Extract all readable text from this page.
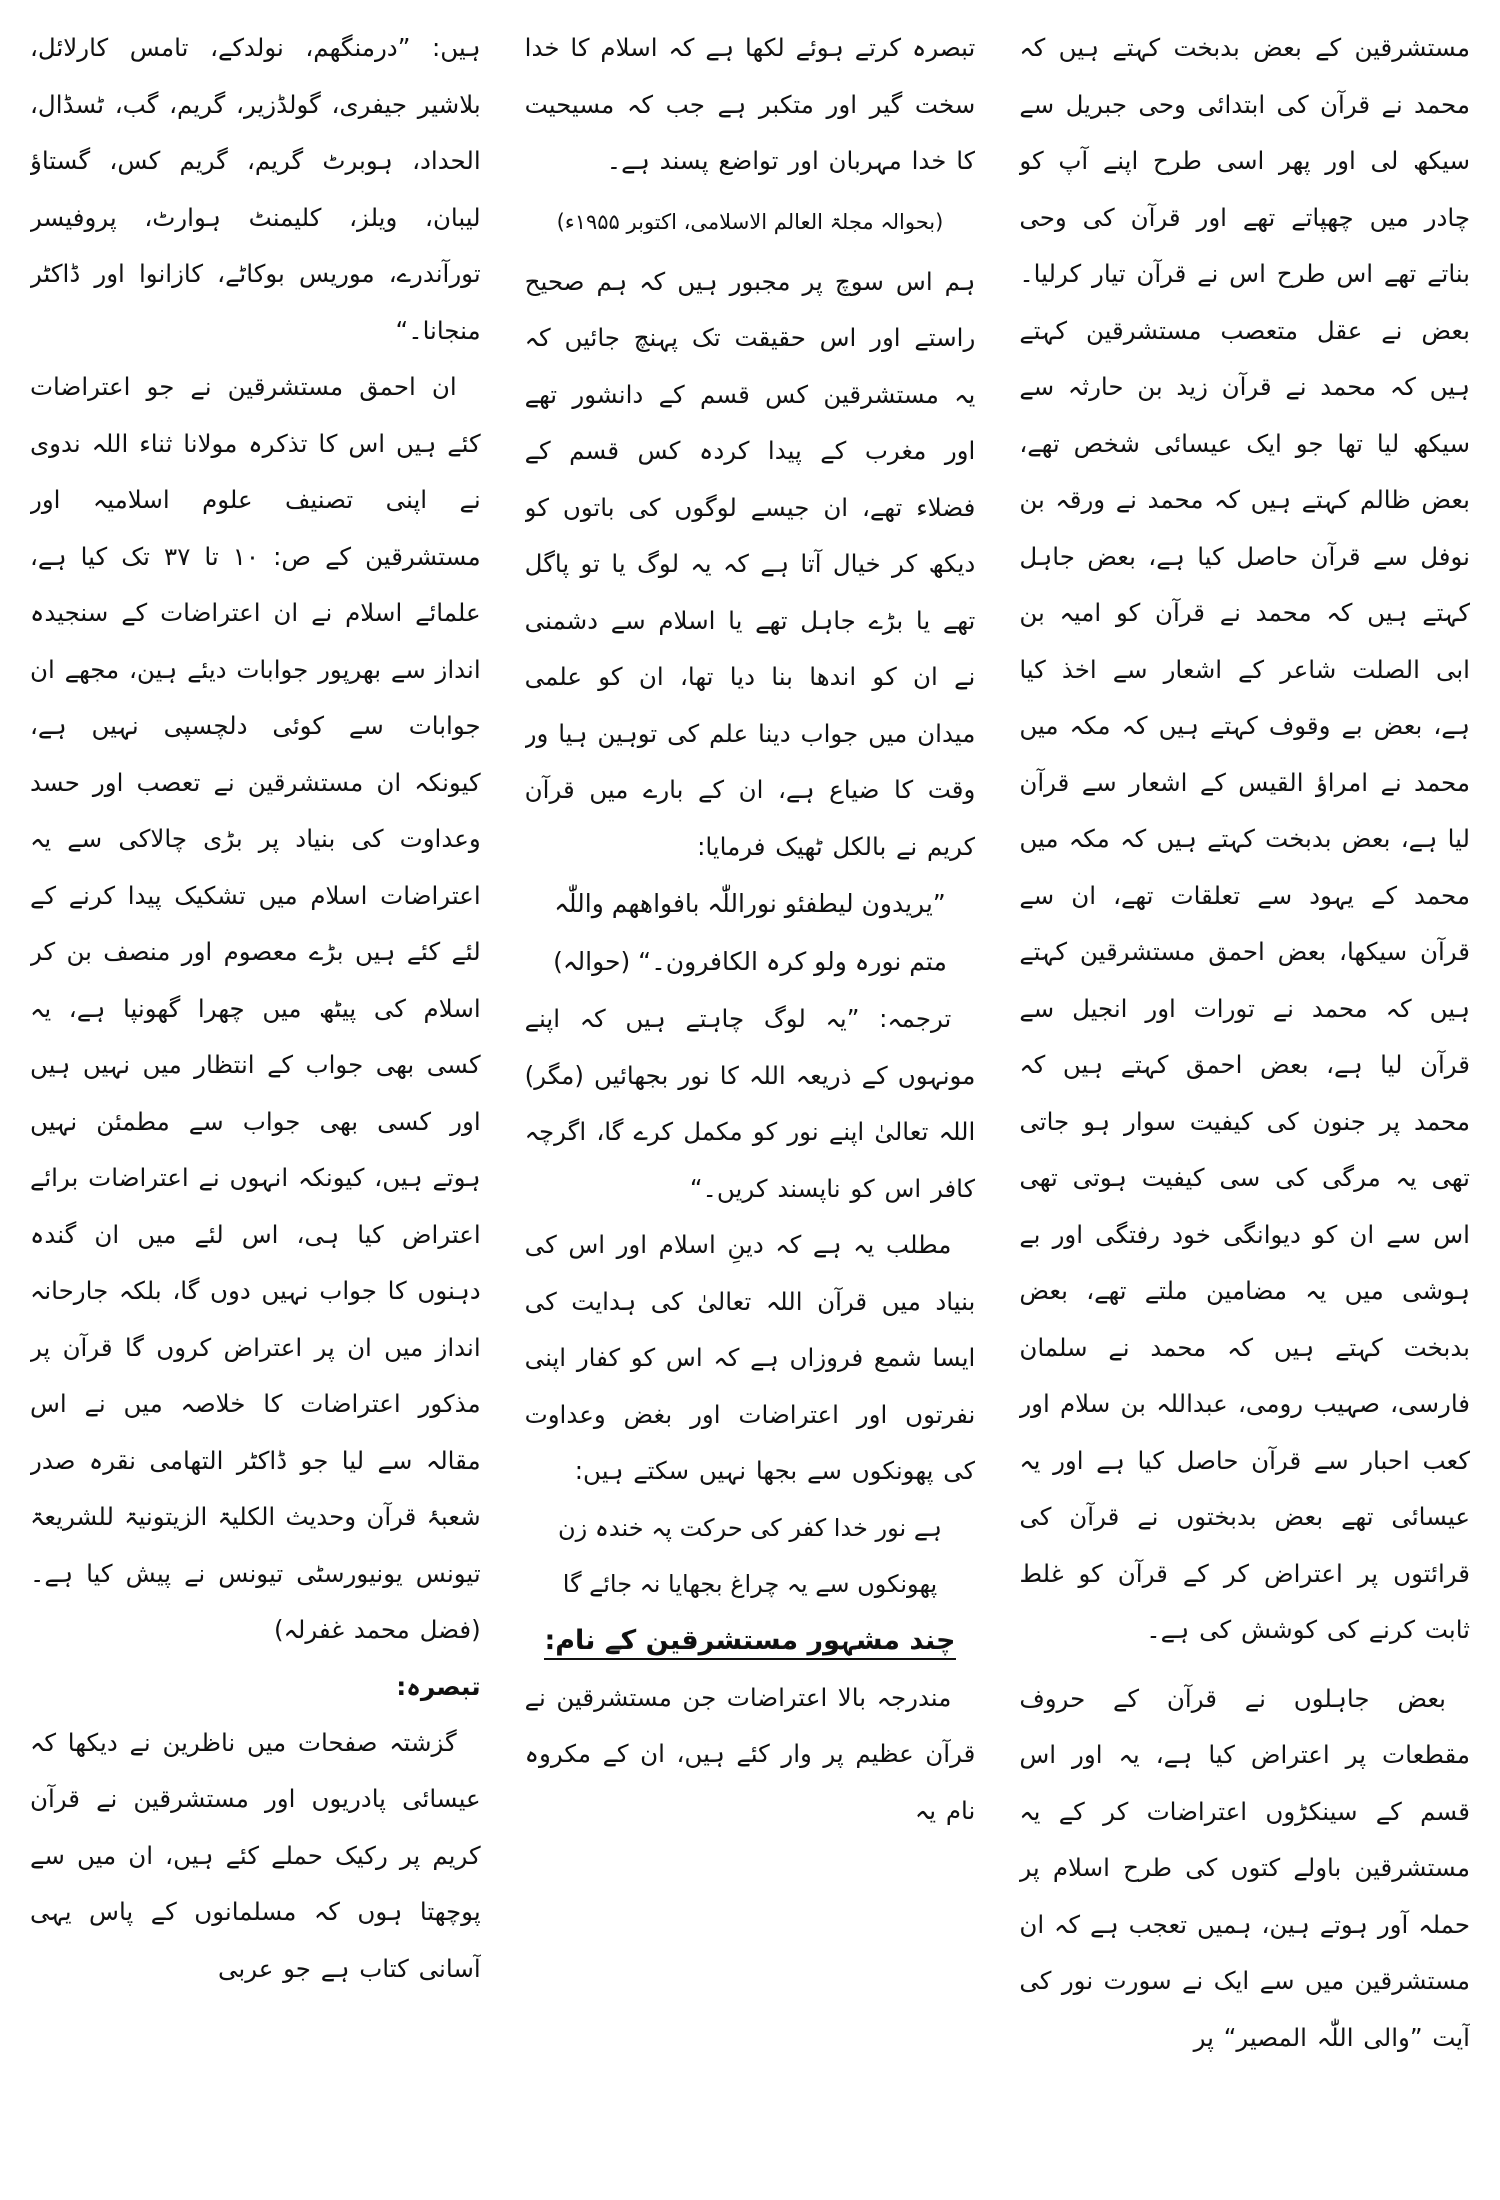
مستشرقین کے بعض بدبخت کہتے ہیں کہ محمد نے قرآن کی ابتدائی وحی جبریل سے سیکھ لی اور پھر اسی طرح اپنے آپ کو چادر میں چھپاتے تھے اور قرآن کی وحی بناتے تھے اس طرح اس نے قرآن تیار کرلیا۔ بعض نے عقل متعصب مستشرقین کہتے ہیں کہ محمد نے قرآن زید بن حارثہ سے سیکھ لیا تھا جو ایک عیسائی شخص تھے، بعض ظالم کہتے ہیں کہ محمد نے ورقہ بن نوفل سے قرآن حاصل کیا ہے، بعض جاہل کہتے ہیں کہ محمد نے قرآن کو امیہ بن ابی الصلت شاعر کے اشعار سے اخذ کیا ہے، بعض بے وقوف کہتے ہیں کہ مکہ میں محمد نے امراؤ القیس کے اشعار سے قرآن لیا ہے، بعض بدبخت کہتے ہیں کہ مکہ میں محمد کے یہود سے تعلقات تھے، ان سے قرآن سیکھا، بعض احمق مستشرقین کہتے ہیں کہ محمد نے تورات اور انجیل سے قرآن لیا ہے، بعض احمق کہتے ہیں کہ محمد پر جنون کی کیفیت سوار ہو جاتی تھی یہ مرگی کی سی کیفیت ہوتی تھی اس سے ان کو دیوانگی خود رفتگی اور بے ہوشی میں یہ مضامین ملتے تھے، بعض بدبخت کہتے ہیں کہ محمد نے سلمان فارسی، صہیب رومی، عبداللہ بن سلام اور کعب احبار سے قرآن حاصل کیا ہے اور یہ عیسائی تھے بعض بدبختوں نے قرآن کی قرائتوں پر اعتراض کر کے قرآن کو غلط ثابت کرنے کی کوشش کی ہے۔

بعض جاہلوں نے قرآن کے حروف مقطعات پر اعتراض کیا ہے، یہ اور اس قسم کے سینکڑوں اعتراضات کر کے یہ مستشرقین باولے کتوں کی طرح اسلام پر حملہ آور ہوتے ہین، ہمیں تعجب ہے کہ ان مستشرقین میں سے ایک نے سورت نور کی آیت ”والی اللّٰہ المصیر“ پر

تبصرہ کرتے ہوئے لکھا ہے کہ اسلام کا خدا سخت گیر اور متکبر ہے جب کہ مسیحیت کا خدا مہربان اور تواضع پسند ہے۔

(بحوالہ مجلۃ العالم الاسلامی، اکتوبر ۱۹۵۵ء)

ہم اس سوچ پر مجبور ہیں کہ ہم صحیح راستے اور اس حقیقت تک پہنچ جائیں کہ یہ مستشرقین کس قسم کے دانشور تھے اور مغرب کے پیدا کردہ کس قسم کے فضلاء تھے، ان جیسے لوگوں کی باتوں کو دیکھ کر خیال آتا ہے کہ یہ لوگ یا تو پاگل تھے یا بڑے جاہل تھے یا اسلام سے دشمنی نے ان کو اندھا بنا دیا تھا، ان کو علمی میدان میں جواب دینا علم کی توہین ہیا ور وقت کا ضیاع ہے، ان کے بارے میں قرآن کریم نے بالکل ٹھیک فرمایا:

”یریدون لیطفئو نوراللّٰہ بافواھھم واللّٰہ متم نورہ ولو کرہ الکافرون۔“ (حوالہ)

ترجمہ: ”یہ لوگ چاہتے ہیں کہ اپنے مونہوں کے ذریعہ اللہ کا نور بجھائیں (مگر) اللہ تعالیٰ اپنے نور کو مکمل کرے گا، اگرچہ کافر اس کو ناپسند کریں۔“

مطلب یہ ہے کہ دینِ اسلام اور اس کی بنیاد میں قرآن اللہ تعالیٰ کی ہدایت کی ایسا شمع فروزاں ہے کہ اس کو کفار اپنی نفرتوں اور اعتراضات اور بغض وعداوت کی پھونکوں سے بجھا نہیں سکتے ہیں:

ہے نور خدا کفر کی حرکت پہ خندہ زن

پھونکوں سے یہ چراغ بجھایا نہ جائے گا

چند مشہور مستشرقین کے نام:

مندرجہ بالا اعتراضات جن مستشرقین نے قرآن عظیم پر وار کئے ہیں، ان کے مکروہ نام یہ

ہیں: ”درمنگھم، نولدکے، تامس کارلائل، بلاشیر جیفری، گولڈزیر، گریم، گب، ٹسڈال، الحداد، ہوبرٹ گریم، گریم کس، گستاؤ لیبان، ویلز، کلیمنٹ ہوارٹ، پروفیسر تورآندرے، موریس بوکاٹے، کازانوا اور ڈاکٹر منجانا۔“

ان احمق مستشرقین نے جو اعتراضات کئے ہیں اس کا تذکرہ مولانا ثناء اللہ ندوی نے اپنی تصنیف علوم اسلامیہ اور مستشرقین کے ص: ۱۰ تا ۳۷ تک کیا ہے، علمائے اسلام نے ان اعتراضات کے سنجیدہ انداز سے بھرپور جوابات دیئے ہین، مجھے ان جوابات سے کوئی دلچسپی نہیں ہے، کیونکہ ان مستشرقین نے تعصب اور حسد وعداوت کی بنیاد پر بڑی چالاکی سے یہ اعتراضات اسلام میں تشکیک پیدا کرنے کے لئے کئے ہیں بڑے معصوم اور منصف بن کر اسلام کی پیٹھ میں چھرا گھونپا ہے، یہ کسی بھی جواب کے انتظار میں نہیں ہیں اور کسی بھی جواب سے مطمئن نہیں ہوتے ہیں، کیونکہ انہوں نے اعتراضات برائے اعتراض کیا ہی، اس لئے میں ان گندہ دہنوں کا جواب نہیں دوں گا، بلکہ جارحانہ انداز میں ان پر اعتراض کروں گا قرآن پر مذکور اعتراضات کا خلاصہ میں نے اس مقالہ سے لیا جو ڈاکٹر التھامی نقرہ صدر شعبۂ قرآن وحدیث الکلیۃ الزیتونیۃ للشریعۃ تیونس یونیورسٹی تیونس نے پیش کیا ہے۔ (فضل محمد غفرلہ)

تبصرہ:

گزشتہ صفحات میں ناظرین نے دیکھا کہ عیسائی پادریوں اور مستشرقین نے قرآن کریم پر رکیک حملے کئے ہیں، ان میں سے پوچھتا ہوں کہ مسلمانوں کے پاس یہی آسانی کتاب ہے جو عربی
